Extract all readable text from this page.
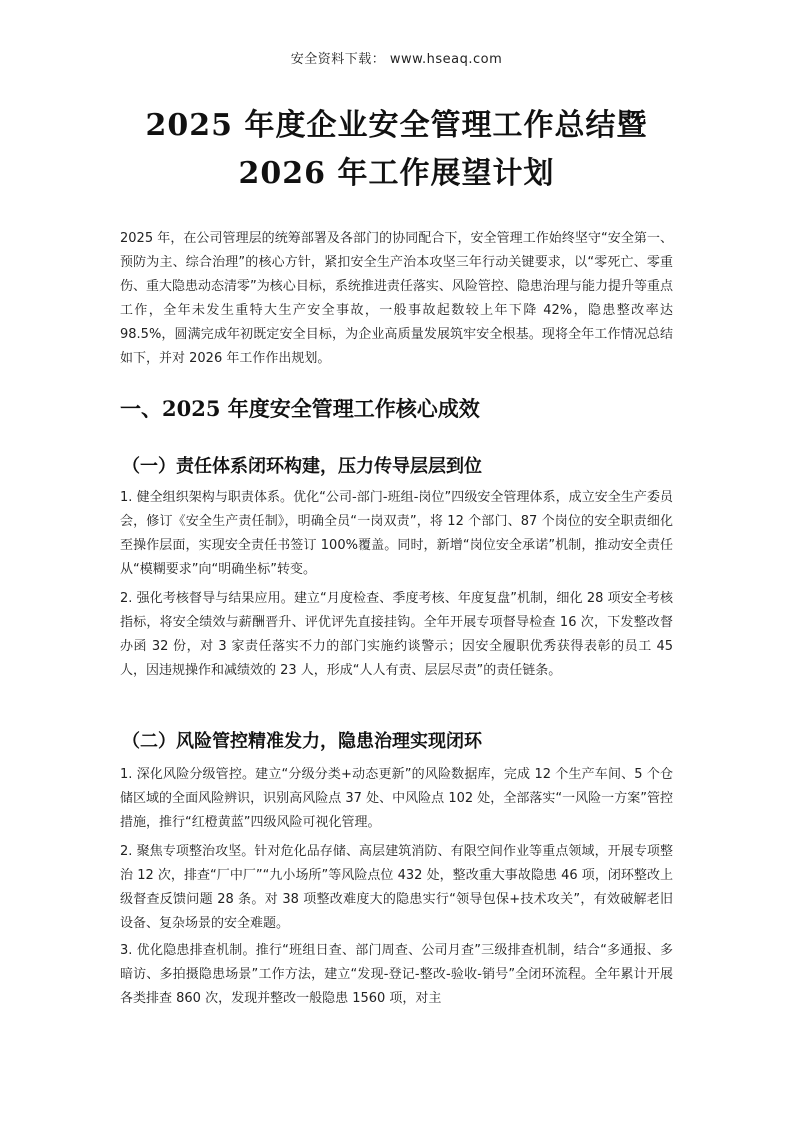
安全资料下载： www.hseaq.com
2025 年度企业安全管理工作总结暨
2026 年工作展望计划

2025 年，在公司管理层的统筹部署及各部门的协同配合下，安全管理工作始终坚守“安全第一、预防为主、综合治理”的核心方针，紧扣安全生产治本攻坚三年行动关键要求，以“零死亡、零重伤、重大隐患动态清零”为核心目标，系统推进责任落实、风险管控、隐患治理与能力提升等重点工作，全年未发生重特大生产安全事故，一般事故起数较上年下降 42%，隐患整改率达 98.5%，圆满完成年初既定安全目标，为企业高质量发展筑牢安全根基。现将全年工作情况总结如下，并对 2026 年工作作出规划。

一、2025 年度安全管理工作核心成效
（一）责任体系闭环构建，压力传导层层到位

1. 健全组织架构与职责体系。优化“公司-部门-班组-岗位”四级安全管理体系，成立安全生产委员会，修订《安全生产责任制》，明确全员“一岗双责”，将 12 个部门、87 个岗位的安全职责细化至操作层面，实现安全责任书签订 100%覆盖。同时，新增“岗位安全承诺”机制，推动安全责任从“模糊要求”向“明确坐标”转变。

2. 强化考核督导与结果应用。建立“月度检查、季度考核、年度复盘”机制，细化 28 项安全考核指标，将安全绩效与薪酬晋升、评优评先直接挂钩。全年开展专项督导检查 16 次，下发整改督办函 32 份，对 3 家责任落实不力的部门实施约谈警示；因安全履职优秀获得表彰的员工 45 人，因违规操作和减绩效的 23 人，形成“人人有责、层层尽责”的责任链条。

（二）风险管控精准发力，隐患治理实现闭环

1. 深化风险分级管控。建立“分级分类+动态更新”的风险数据库，完成 12 个生产车间、5 个仓储区域的全面风险辨识，识别高风险点 37 处、中风险点 102 处，全部落实“一风险一方案”管控措施，推行“红橙黄蓝”四级风险可视化管理。

2. 聚焦专项整治攻坚。针对危化品存储、高层建筑消防、有限空间作业等重点领域，开展专项整治 12 次，排查“厂中厂”“九小场所”等风险点位 432 处，整改重大事故隐患 46 项，闭环整改上级督查反馈问题 28 条。对 38 项整改难度大的隐患实行“领导包保+技术攻关”，有效破解老旧设备、复杂场景的安全难题。

3. 优化隐患排查机制。推行“班组日查、部门周查、公司月查”三级排查机制，结合“多通报、多暗访、多拍摄隐患场景”工作方法，建立“发现-登记-整改-验收-销号”全闭环流程。全年累计开展各类排查 860 次，发现并整改一般隐患 1560 项，对主
